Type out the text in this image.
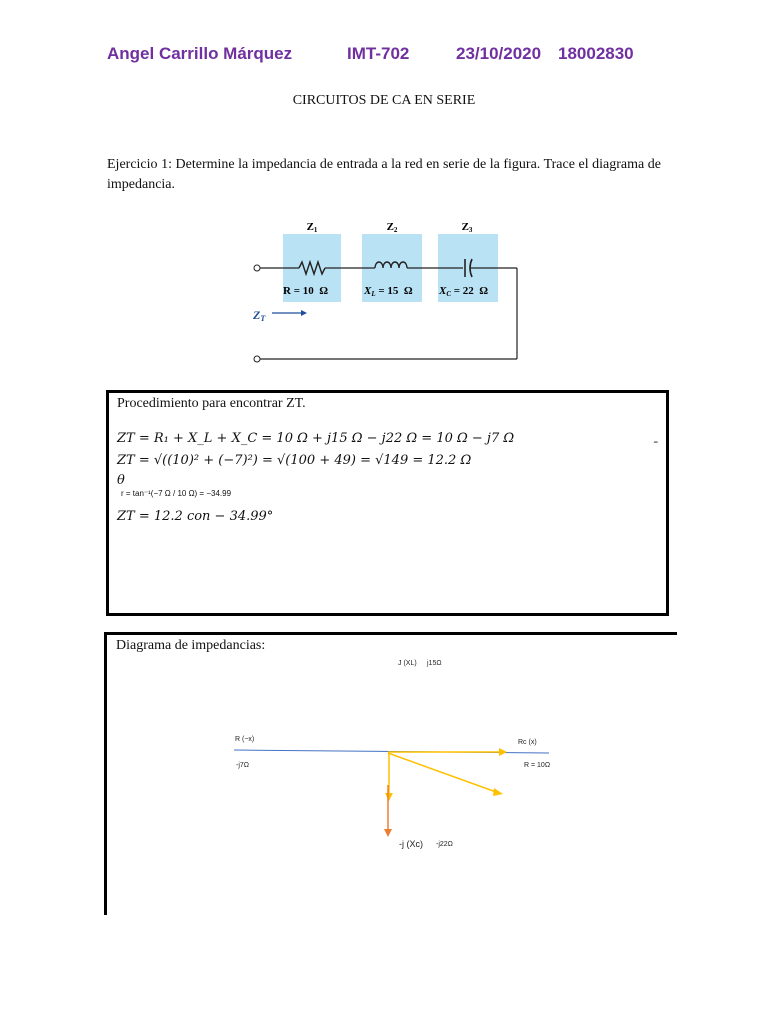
Angel Carrillo Márquez	IMT-702	23/10/2020 18002830
CIRCUITOS DE CA EN SERIE
Ejercicio 1: Determine la impedancia de entrada a la red en serie de la figura. Trace el diagrama de impedancia.
Z1	Z2	Z3
R = 10  Ω	XL = 15  Ω XC = 22  Ω
ZT
Procedimiento para encontrar ZT.
ZT = R₁ + X_L + X_C = 10 Ω + j15 Ω − j22 Ω = 10 Ω − j7 Ω
ZT = √((10)² + (−7)²) = √(100 + 49) = √149 = 12.2 Ω
θ
r = tan⁻¹(−7 Ω / 10 Ω) = −34.99
ZT = 12.2 con − 34.99°
=
Diagrama de impedancias:
J (XL) j15Ω
R (−x)
-j7Ω
Rc (x)
R = 10Ω
-j (Xc) -j22Ω
